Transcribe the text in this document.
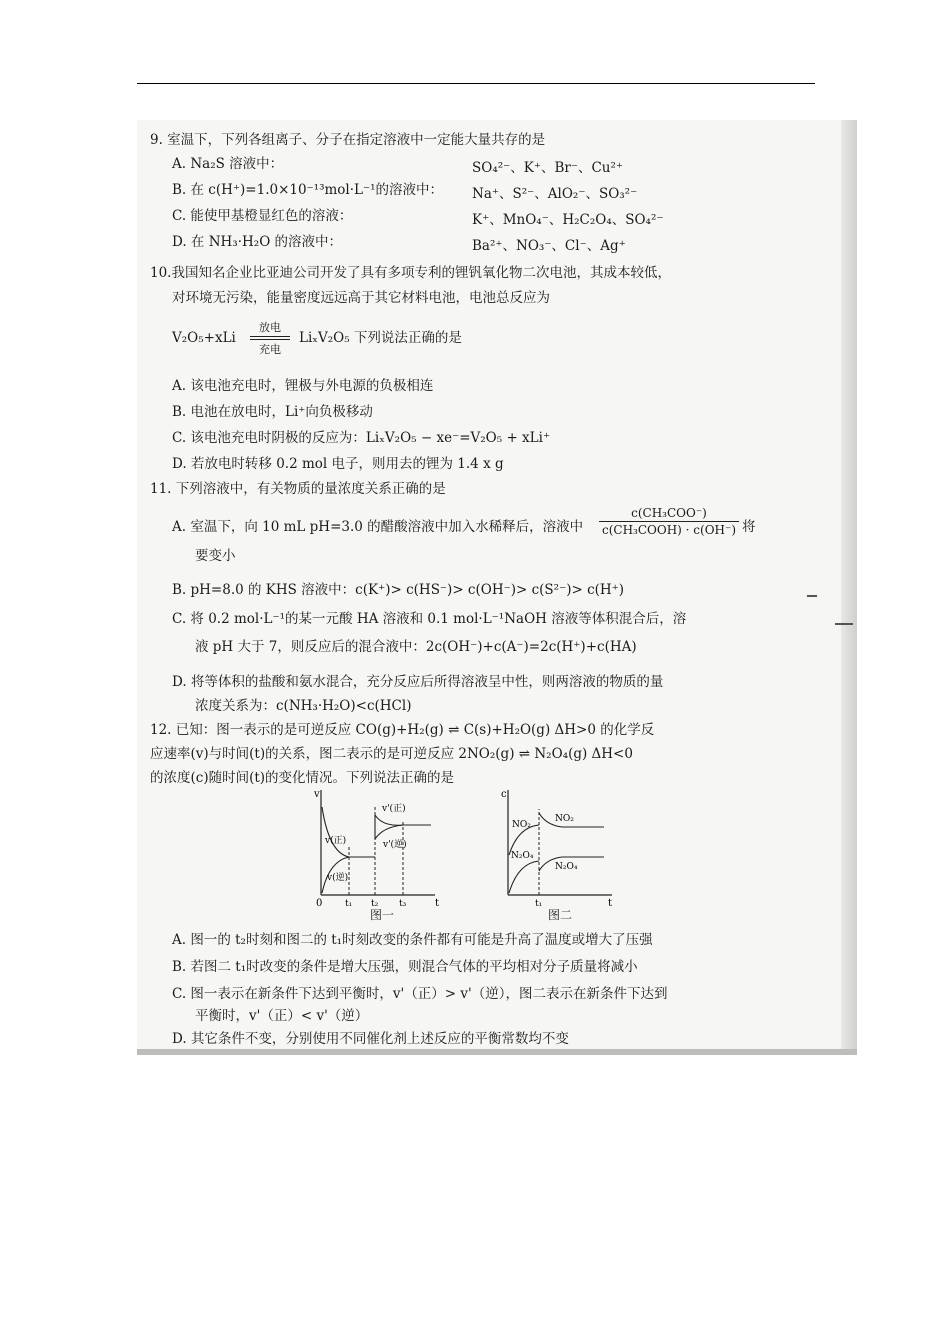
9. 室温下，下列各组离子、分子在指定溶液中一定能大量共存的是
A. Na₂S 溶液中：	SO₄²⁻、K⁺、Br⁻、Cu²⁺
B. 在 c(H⁺)=1.0×10⁻¹³mol·L⁻¹的溶液中： Na⁺、S²⁻、AlO₂⁻、SO₃²⁻
C. 能使甲基橙显红色的溶液：	K⁺、MnO₄⁻、H₂C₂O₄、SO₄²⁻
D. 在 NH₃·H₂O 的溶液中：	Ba²⁺、NO₃⁻、Cl⁻、Ag⁺
10.我国知名企业比亚迪公司开发了具有多项专利的锂钒氧化物二次电池，其成本较低，
对环境无污染，能量密度远远高于其它材料电池，电池总反应为
V₂O₅+xLi
放电
充电
LiₓV₂O₅ 下列说法正确的是
A. 该电池充电时，锂极与外电源的负极相连
B. 电池在放电时，Li⁺向负极移动
C. 该电池充电时阴极的反应为：LiₓV₂O₅ − xe⁻=V₂O₅ + xLi⁺
D. 若放电时转移 0.2 mol 电子，则用去的锂为 1.4 x g
11. 下列溶液中，有关物质的量浓度关系正确的是
A. 室温下，向 10 mL pH=3.0 的醋酸溶液中加入水稀释后，溶液中
c(CH₃COO⁻)
c(CH₃COOH) · c(OH⁻) 将
要变小
B. pH=8.0 的 KHS 溶液中：c(K⁺)> c(HS⁻)> c(OH⁻)> c(S²⁻)> c(H⁺)
C. 将 0.2 mol·L⁻¹的某一元酸 HA 溶液和 0.1 mol·L⁻¹NaOH 溶液等体积混合后，溶
液 pH 大于 7，则反应后的混合液中：2c(OH⁻)+c(A⁻)=2c(H⁺)+c(HA)
D. 将等体积的盐酸和氨水混合，充分反应后所得溶液呈中性，则两溶液的物质的量
浓度关系为：c(NH₃·H₂O)<c(HCl)
12. 已知：图一表示的是可逆反应 CO(g)+H₂(g) ⇌ C(s)+H₂O(g) ΔH>0 的化学反
应速率(v)与时间(t)的关系，图二表示的是可逆反应 2NO₂(g) ⇌ N₂O₄(g) ΔH<0
的浓度(c)随时间(t)的变化情况。下列说法正确的是
v
t
0
v(正)
v(逆)
v'(正)
v'(逆)
t₁ t₂ t₃
图一
c
t
NO₂
NO₂
N₂O₄
N₂O₄
t₁
图二
A. 图一的 t₂时刻和图二的 t₁时刻改变的条件都有可能是升高了温度或增大了压强
B. 若图二 t₁时改变的条件是增大压强，则混合气体的平均相对分子质量将减小
C. 图一表示在新条件下达到平衡时，v'（正）> v'（逆），图二表示在新条件下达到
平衡时，v'（正）< v'（逆）
D. 其它条件不变，分别使用不同催化剂上述反应的平衡常数均不变
